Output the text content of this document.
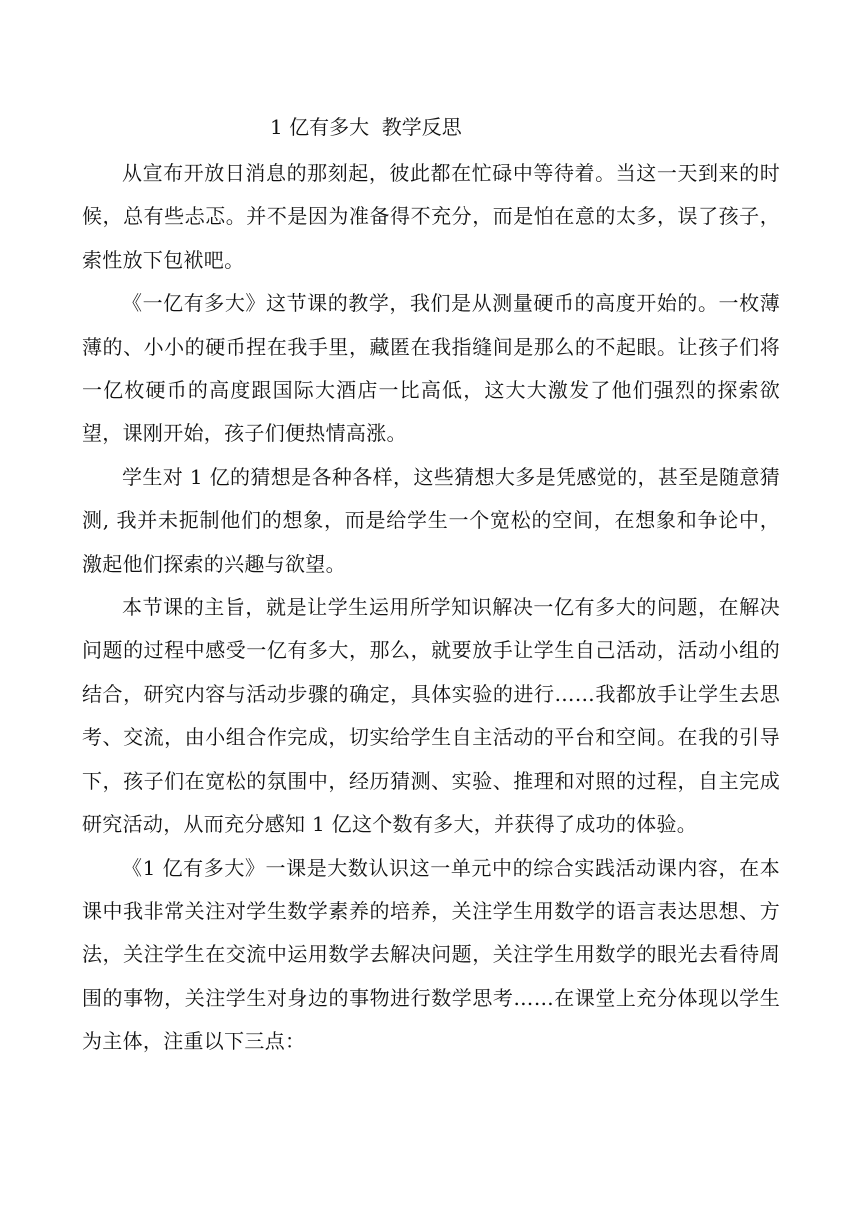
1 亿有多大  教学反思

从宣布开放日消息的那刻起，彼此都在忙碌中等待着。当这一天到来的时候，总有些忐忑。并不是因为准备得不充分，而是怕在意的太多，误了孩子，索性放下包袱吧。

《一亿有多大》这节课的教学，我们是从测量硬币的高度开始的。一枚薄薄的、小小的硬币捏在我手里，藏匿在我指缝间是那么的不起眼。让孩子们将一亿枚硬币的高度跟国际大酒店一比高低，这大大激发了他们强烈的探索欲望，课刚开始，孩子们便热情高涨。

学生对 1 亿的猜想是各种各样，这些猜想大多是凭感觉的，甚至是随意猜测, 我并未扼制他们的想象，而是给学生一个宽松的空间，在想象和争论中，激起他们探索的兴趣与欲望。

本节课的主旨，就是让学生运用所学知识解决一亿有多大的问题，在解决问题的过程中感受一亿有多大，那么，就要放手让学生自己活动，活动小组的结合，研究内容与活动步骤的确定，具体实验的进行……我都放手让学生去思考、交流，由小组合作完成，切实给学生自主活动的平台和空间。在我的引导下，孩子们在宽松的氛围中，经历猜测、实验、推理和对照的过程，自主完成研究活动，从而充分感知 1 亿这个数有多大，并获得了成功的体验。

《1 亿有多大》一课是大数认识这一单元中的综合实践活动课内容，在本课中我非常关注对学生数学素养的培养，关注学生用数学的语言表达思想、方法，关注学生在交流中运用数学去解决问题，关注学生用数学的眼光去看待周围的事物，关注学生对身边的事物进行数学思考……在课堂上充分体现以学生为主体，注重以下三点：
